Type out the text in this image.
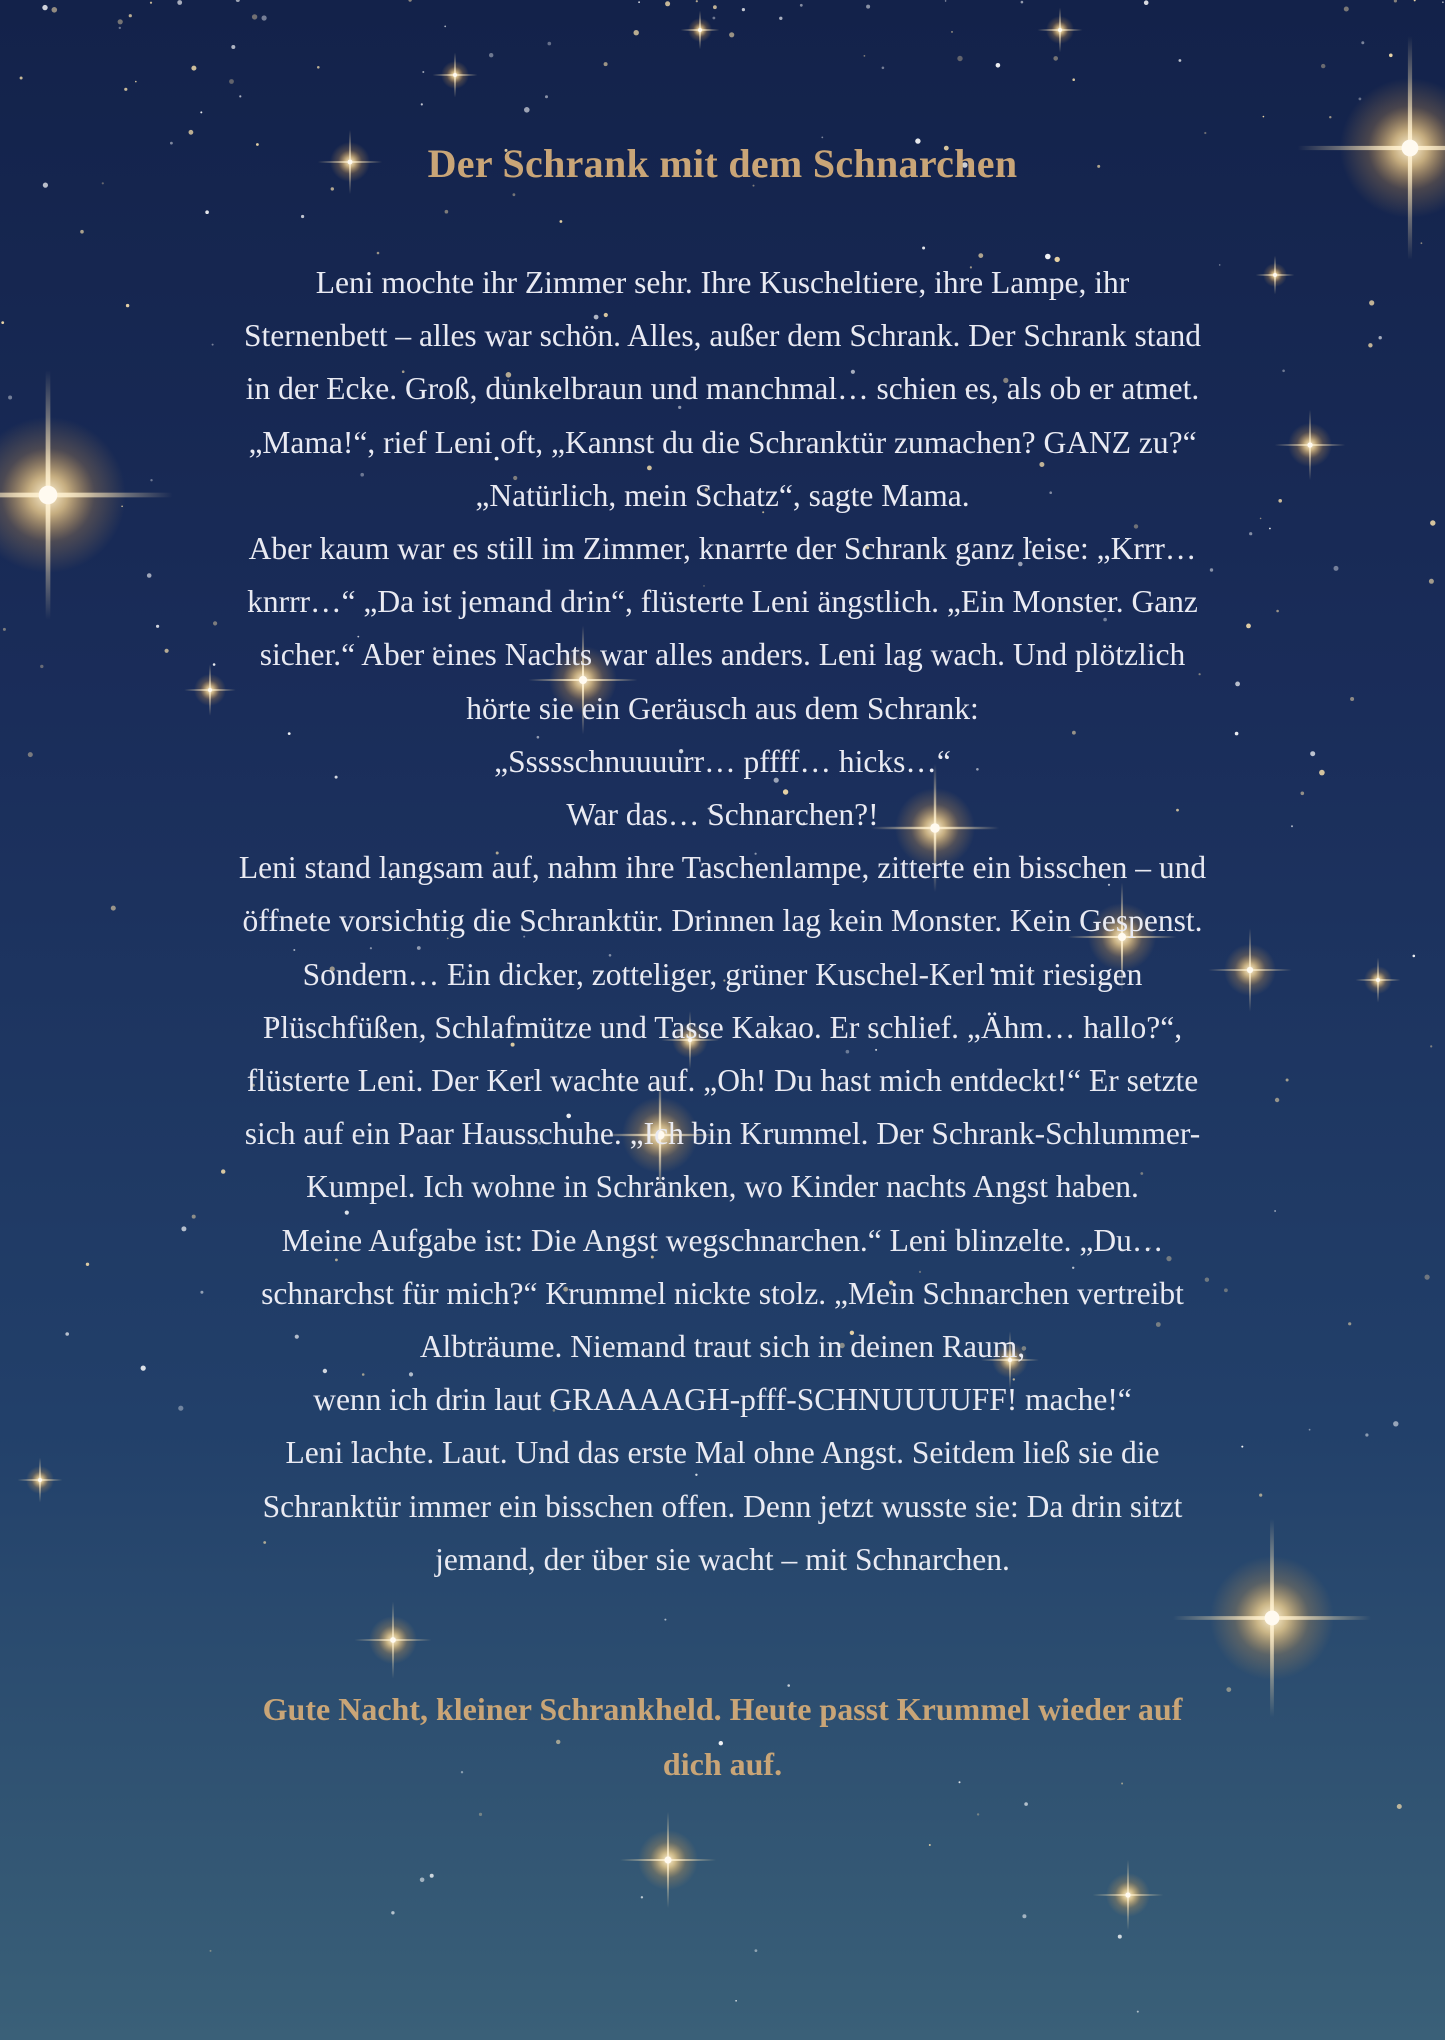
Der Schrank mit dem Schnarchen
Leni mochte ihr Zimmer sehr. Ihre Kuscheltiere, ihre Lampe, ihr
Sternenbett – alles war schön. Alles, außer dem Schrank. Der Schrank stand
in der Ecke. Groß, dunkelbraun und manchmal… schien es, als ob er atmet.
„Mama!“, rief Leni oft, „Kannst du die Schranktür zumachen? GANZ zu?“
„Natürlich, mein Schatz“, sagte Mama.
Aber kaum war es still im Zimmer, knarrte der Schrank ganz leise: „Krrr…
knrrr…“ „Da ist jemand drin“, flüsterte Leni ängstlich. „Ein Monster. Ganz
sicher.“ Aber eines Nachts war alles anders. Leni lag wach. Und plötzlich
hörte sie ein Geräusch aus dem Schrank:
„Ssssschnuuuurr… pffff… hicks…“
War das… Schnarchen?!
Leni stand langsam auf, nahm ihre Taschenlampe, zitterte ein bisschen – und
öffnete vorsichtig die Schranktür. Drinnen lag kein Monster. Kein Gespenst.
Sondern… Ein dicker, zotteliger, grüner Kuschel-Kerl mit riesigen
Plüschfüßen, Schlafmütze und Tasse Kakao. Er schlief. „Ähm… hallo?“,
flüsterte Leni. Der Kerl wachte auf. „Oh! Du hast mich entdeckt!“ Er setzte
sich auf ein Paar Hausschuhe. „Ich bin Krummel. Der Schrank-Schlummer-
Kumpel. Ich wohne in Schränken, wo Kinder nachts Angst haben.
Meine Aufgabe ist: Die Angst wegschnarchen.“ Leni blinzelte. „Du…
schnarchst für mich?“ Krummel nickte stolz. „Mein Schnarchen vertreibt
Albträume. Niemand traut sich in deinen Raum,
wenn ich drin laut GRAAAAGH-pfff-SCHNUUUUFF! mache!“
Leni lachte. Laut. Und das erste Mal ohne Angst. Seitdem ließ sie die
Schranktür immer ein bisschen offen. Denn jetzt wusste sie: Da drin sitzt
jemand, der über sie wacht – mit Schnarchen.
Gute Nacht, kleiner Schrankheld. Heute passt Krummel wieder auf
dich auf.
